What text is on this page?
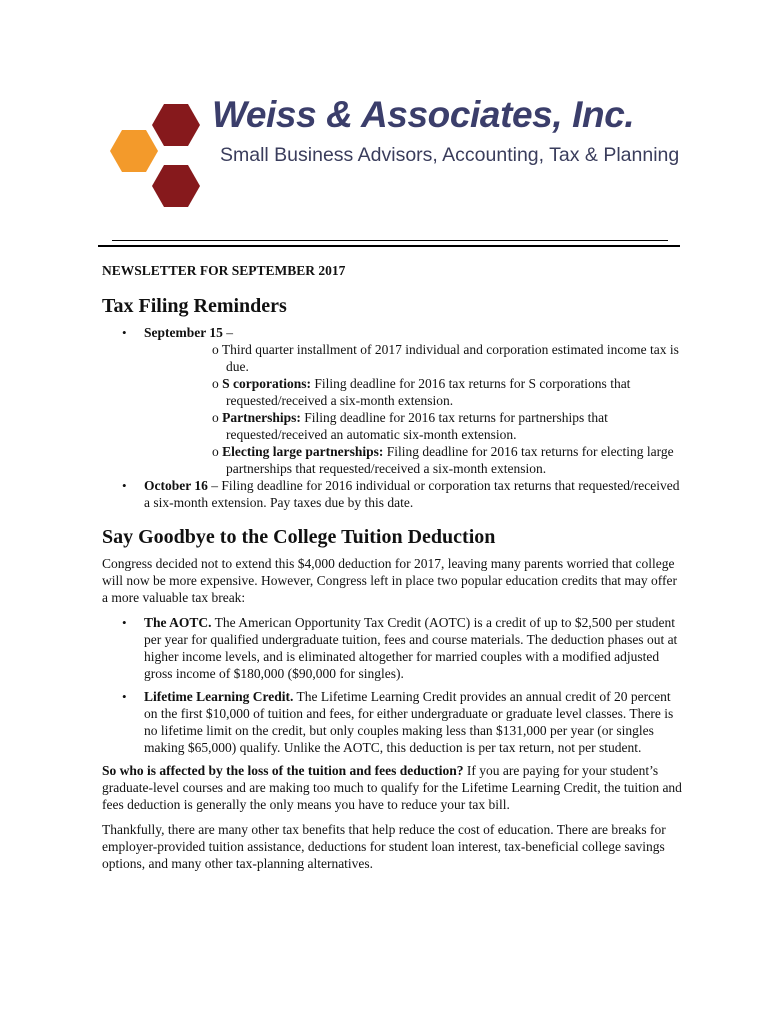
Weiss & Associates, Inc.

Small Business Advisors, Accounting, Tax & Planning

NEWSLETTER FOR SEPTEMBER 2017

Tax Filing Reminders
• September 15 –
o Third quarter installment of 2017 individual and corporation estimated income tax is due.
o S corporations: Filing deadline for 2016 tax returns for S corporations that requested/received a six-month extension.
o Partnerships: Filing deadline for 2016 tax returns for partnerships that requested/received an automatic six-month extension.
o Electing large partnerships: Filing deadline for 2016 tax returns for electing large partnerships that requested/received a six-month extension.
• October 16 – Filing deadline for 2016 individual or corporation tax returns that requested/received a six-month extension. Pay taxes due by this date.
Say Goodbye to the College Tuition Deduction

Congress decided not to extend this $4,000 deduction for 2017, leaving many parents worried that college will now be more expensive. However, Congress left in place two popular education credits that may offer a more valuable tax break:

• The AOTC. The American Opportunity Tax Credit (AOTC) is a credit of up to $2,500 per student per year for qualified undergraduate tuition, fees and course materials. The deduction phases out at higher income levels, and is eliminated altogether for married couples with a modified adjusted gross income of $180,000 ($90,000 for singles).
• Lifetime Learning Credit. The Lifetime Learning Credit provides an annual credit of 20 percent on the first $10,000 of tuition and fees, for either undergraduate or graduate level classes. There is no lifetime limit on the credit, but only couples making less than $131,000 per year (or singles making $65,000) qualify. Unlike the AOTC, this deduction is per tax return, not per student.

So who is affected by the loss of the tuition and fees deduction? If you are paying for your student’s graduate-level courses and are making too much to qualify for the Lifetime Learning Credit, the tuition and fees deduction is generally the only means you have to reduce your tax bill.

Thankfully, there are many other tax benefits that help reduce the cost of education. There are breaks for employer-provided tuition assistance, deductions for student loan interest, tax-beneficial college savings options, and many other tax-planning alternatives.
